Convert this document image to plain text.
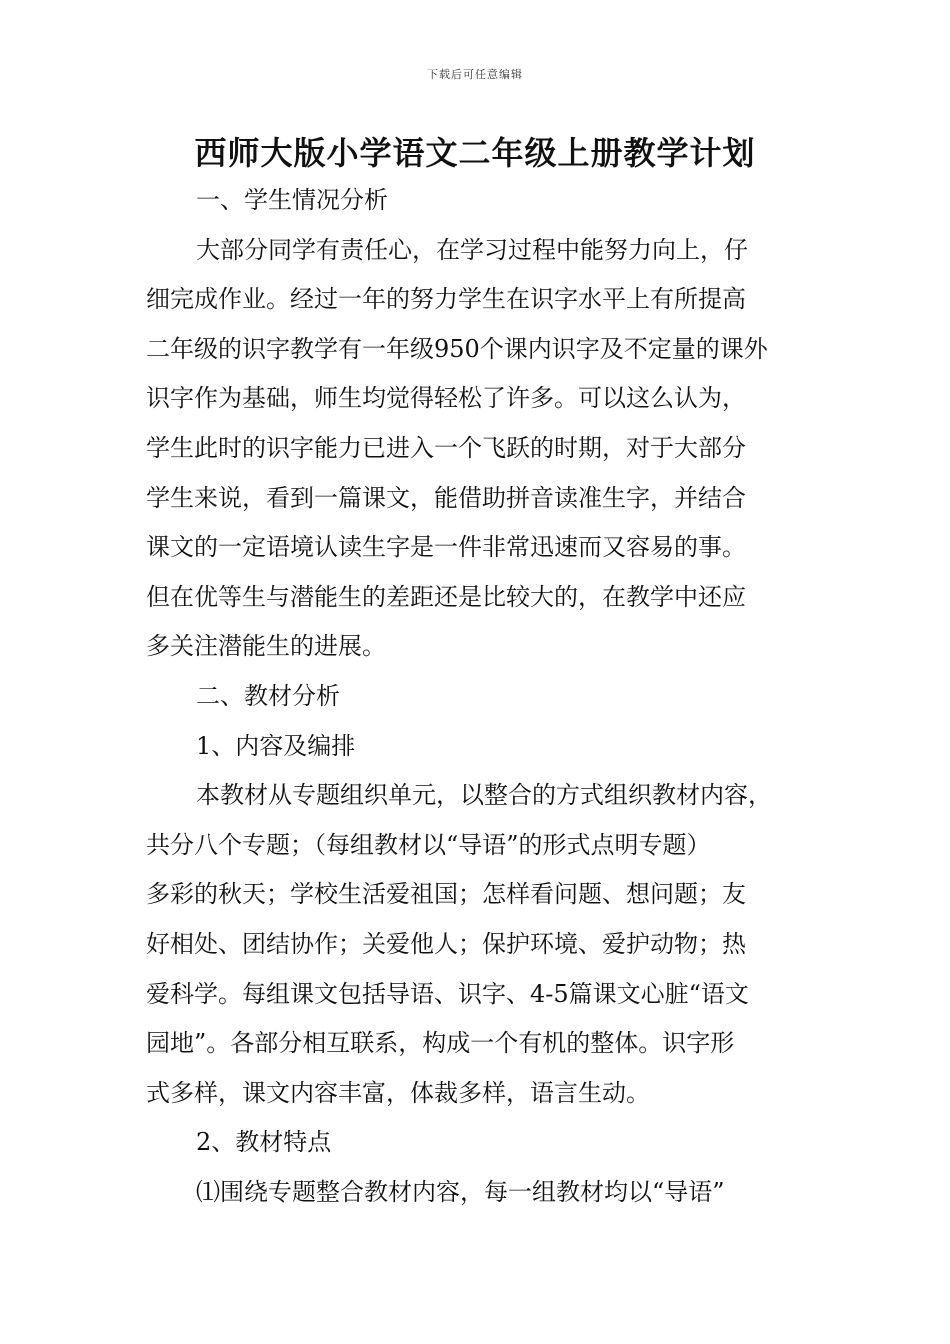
下载后可任意编辑
西师大版小学语文二年级上册教学计划
一、学生情况分析
大部分同学有责任心，在学习过程中能努力向上，仔
细完成作业。经过一年的努力学生在识字水平上有所提高
二年级的识字教学有一年级950个课内识字及不定量的课外
识字作为基础，师生均觉得轻松了许多。可以这么认为，
学生此时的识字能力已进入一个飞跃的时期，对于大部分
学生来说，看到一篇课文，能借助拼音读准生字，并结合
课文的一定语境认读生字是一件非常迅速而又容易的事。
但在优等生与潜能生的差距还是比较大的，在教学中还应
多关注潜能生的进展。
二、教材分析
1、内容及编排
本教材从专题组织单元，以整合的方式组织教材内容，
共分八个专题；（每组教材以“导语”的形式点明专题）
多彩的秋天；学校生活爱祖国；怎样看问题、想问题；友
好相处、团结协作；关爱他人；保护环境、爱护动物；热
爱科学。每组课文包括导语、识字、4-5篇课文心脏“语文
园地”。各部分相互联系，构成一个有机的整体。识字形
式多样，课文内容丰富，体裁多样，语言生动。
2、教材特点
⑴围绕专题整合教材内容，每一组教材均以“导语”
